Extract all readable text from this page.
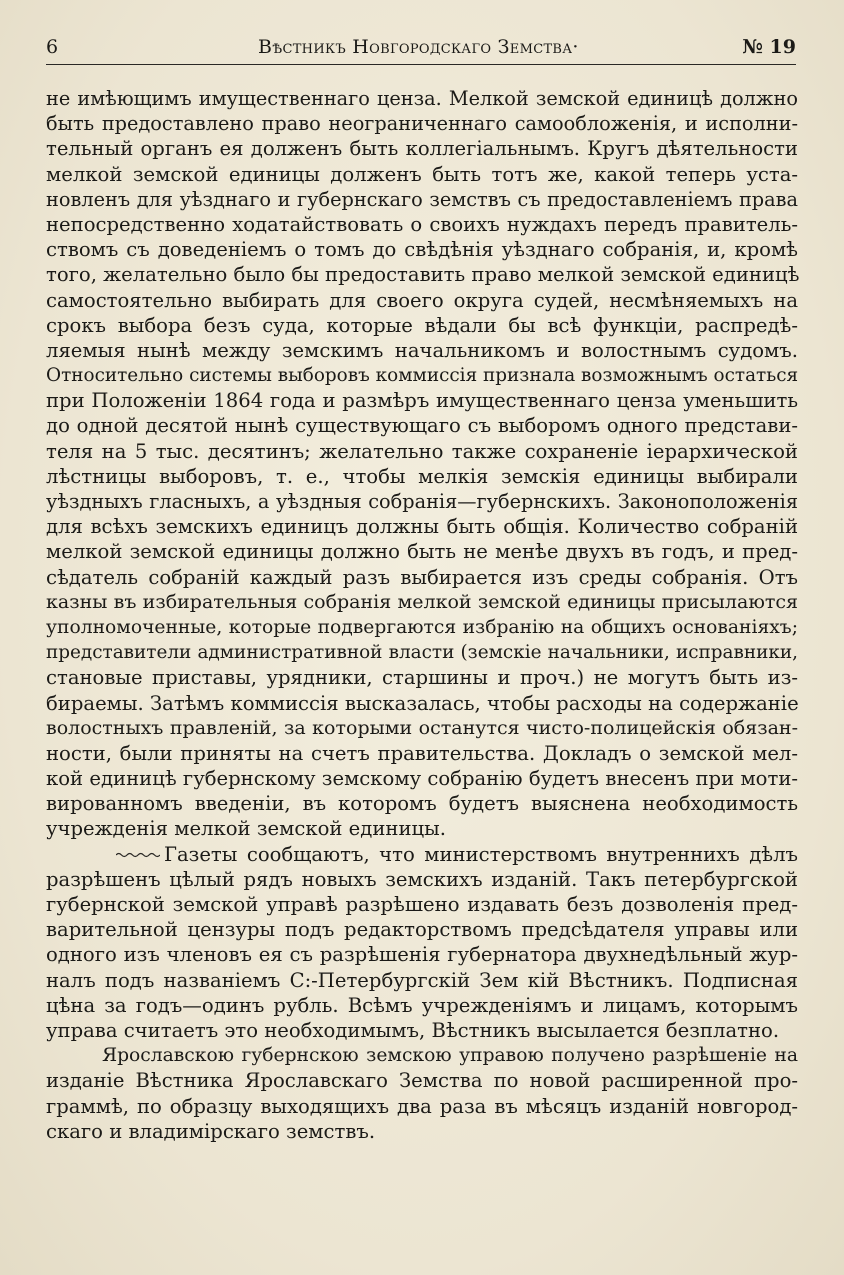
6	Вѣстникъ Новгородскаго Земства·	№ 19
не имѣющимъ имущественнаго ценза. Мелкой земской единицѣ должно
быть предоставлено право неограниченнаго самообложенія, и исполни-
тельный органъ ея долженъ быть коллегіальнымъ. Кругъ дѣятельности
мелкой земской единицы долженъ быть тотъ же, какой теперь уста-
новленъ для уѣзднаго и губернскаго земствъ съ предоставленіемъ права
непосредственно ходатайствовать о своихъ нуждахъ передъ правитель-
ствомъ съ доведеніемъ о томъ до свѣдѣнія уѣзднаго собранія, и, кромѣ
того, желательно было бы предоставить право мелкой земской единицѣ
самостоятельно выбирать для своего округа судей, несмѣняемыхъ на
срокъ выбора безъ суда, которые вѣдали бы всѣ функціи, распредѣ-
ляемыя нынѣ между земскимъ начальникомъ и волостнымъ судомъ.
Относительно системы выборовъ коммиссія признала возможнымъ остаться
при Положеніи 1864 года и размѣръ имущественнаго ценза уменьшить
до одной десятой нынѣ существующаго съ выборомъ одного представи-
теля на 5 тыс. десятинъ; желательно также сохраненіе іерархической
лѣстницы выборовъ, т. е., чтобы мелкія земскія единицы выбирали
уѣздныхъ гласныхъ, а уѣздныя собранія—губернскихъ. Законоположенія
для всѣхъ земскихъ единицъ должны быть общія. Количество собраній
мелкой земской единицы должно быть не менѣе двухъ въ годъ, и пред-
сѣдатель собраній каждый разъ выбирается изъ среды собранія. Отъ
казны въ избирательныя собранія мелкой земской единицы присылаются
уполномоченные, которые подвергаются избранію на общихъ основаніяхъ;
представители административной власти (земскіе начальники, исправники,
становые приставы, урядники, старшины и проч.) не могутъ быть из-
бираемы. Затѣмъ коммиссія высказалась, чтобы расходы на содержаніе
волостныхъ правленій, за которыми останутся чисто-полицейскія обязан-
ности, были приняты на счетъ правительства. Докладъ о земской мел-
кой единицѣ губернскому земскому собранію будетъ внесенъ при моти-
вированномъ введеніи, въ которомъ будетъ выяснена необходимость
учрежденія мелкой земской единицы.
Газеты сообщаютъ, что министерствомъ внутреннихъ дѣлъ
разрѣшенъ цѣлый рядъ новыхъ земскихъ изданій. Такъ петербургской
губернской земской управѣ разрѣшено издавать безъ дозволенія пред-
варительной цензуры подъ редакторствомъ предсѣдателя управы или
одного изъ членовъ ея съ разрѣшенія губернатора двухнедѣльный жур-
налъ подъ названіемъ С:-Петербургскій Зем кій Вѣстникъ. Подписная
цѣна за годъ—одинъ рубль. Всѣмъ учрежденіямъ и лицамъ, которымъ
управа считаетъ это необходимымъ, Вѣстникъ высылается безплатно.
Ярославскою губернскою земскою управою получено разрѣшеніе на
изданіе Вѣстника Ярославскаго Земства по новой расширенной про-
граммѣ, по образцу выходящихъ два раза въ мѣсяцъ изданій новгород-
скаго и владимірскаго земствъ.
